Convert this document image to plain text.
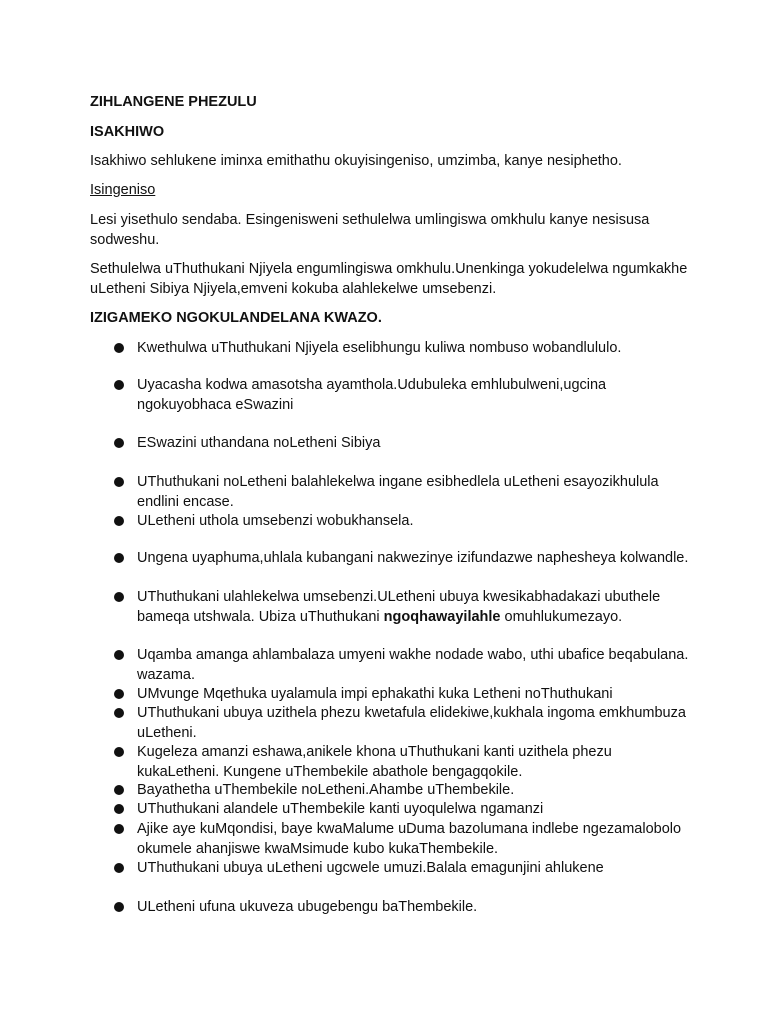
ZIHLANGENE PHEZULU

ISAKHIWO

Isakhiwo sehlukene iminxa emithathu okuyisingeniso, umzimba, kanye nesiphetho.

Isingeniso

Lesi yisethulo sendaba. Esingenisweni sethulelwa umlingiswa omkhulu kanye nesisusa sodweshu.

Sethulelwa uThuthukani Njiyela engumlingiswa omkhulu.Unenkinga yokudelelwa ngumkakhe uLetheni Sibiya Njiyela,emveni kokuba alahlekelwe umsebenzi.

IZIGAMEKO NGOKULANDELANA KWAZO.

Kwethulwa uThuthukani Njiyela eselibhungu kuliwa nombuso wobandlululo.
Uyacasha kodwa amasotsha ayamthola.Udubuleka emhlubulweni,ugcina ngokuyobhaca eSwazini
ESwazini uthandana noLetheni Sibiya
UThuthukani noLetheni balahlekelwa ingane esibhedlela uLetheni esayozikhulula endlini encase.
ULetheni uthola umsebenzi wobukhansela.
Ungena uyaphuma,uhlala kubangani nakwezinye izifundazwe naphesheya kolwandle.
UThuthukani ulahlekelwa umsebenzi.ULetheni ubuya kwesikabhadakazi ubuthele bameqa utshwala. Ubiza uThuthukani ngoqhawayilahle omuhlukumezayo.
Uqamba amanga ahlambalaza umyeni wakhe nodade wabo, uthi ubafice beqabulana. wazama.
UMvunge Mqethuka uyalamula impi ephakathi kuka Letheni noThuthukani
UThuthukani ubuya uzithela phezu kwetafula elidekiwe,kukhala ingoma emkhumbuza uLetheni.
Kugeleza amanzi eshawa,anikele khona uThuthukani kanti uzithela phezu kukaLetheni. Kungene uThembekile abathole bengagqokile.
Bayathetha uThembekile noLetheni.Ahambe uThembekile.
UThuthukani alandele uThembekile kanti uyoqulelwa ngamanzi
Ajike aye kuMqondisi, baye kwaMalume uDuma bazolumana indlebe ngezamalobolo okumele ahanjiswe kwaMsimude kubo kukaThembekile.
UThuthukani ubuya uLetheni ugcwele umuzi.Balala emagunjini ahlukene
ULetheni ufuna ukuveza ubugebengu baThembekile.
